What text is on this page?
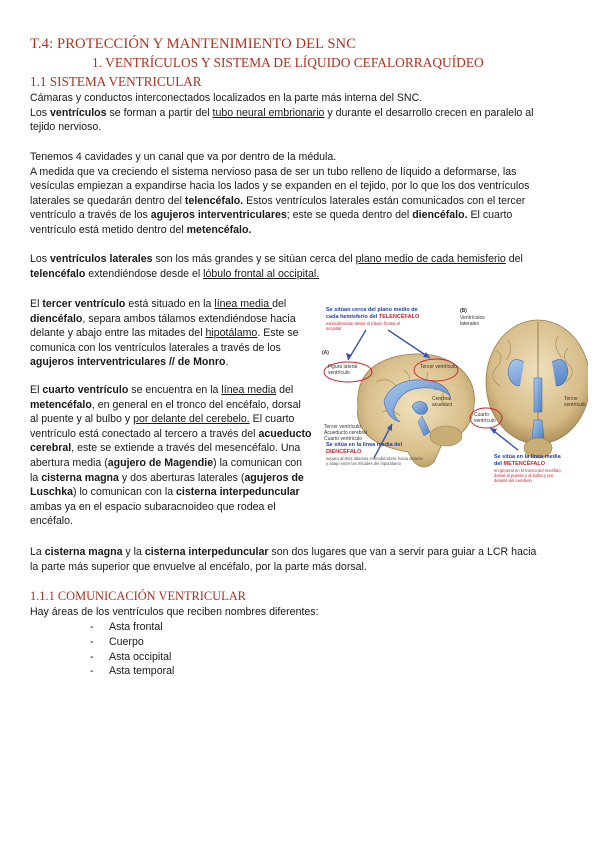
T.4: PROTECCIÓN Y MANTENIMIENTO DEL SNC
1. VENTRÍCULOS Y SISTEMA DE LÍQUIDO CEFALORRAQUÍDEO
1.1 SISTEMA VENTRICULAR
Cámaras y conductos interconectados localizados en la parte más interna del SNC.
Los ventrículos se forman a partir del tubo neural embrionario y durante el desarrollo crecen en paralelo al
tejido nervioso.
Tenemos 4 cavidades y un canal que va por dentro de la médula.
A medida que va creciendo el sistema nervioso pasa de ser un tubo relleno de líquido a deformarse, las
vesículas empiezan a expandirse hacia los lados y se expanden en el tejido, por lo que los dos ventrículos
laterales se quedarán dentro del telencéfalo. Estos ventrículos laterales están comunicados con el tercer
ventrículo a través de los agujeros interventriculares; este se queda dentro del diencéfalo. El cuarto
ventrículo está metido dentro del metencéfalo.
Los ventrículos laterales son los más grandes y se sitúan cerca del plano medio de cada hemisferio del
telencéfalo extendiéndose desde el lóbulo frontal al occipital.
El tercer ventrículo está situado en la línea media del
diencéfalo, separa ambos tálamos extendiéndose hacia
delante y abajo entre las mitades del hipotálamo. Este se
comunica con los ventrículos laterales a través de los
agujeros interventriculares // de Monro.
El cuarto ventrículo se encuentra en la línea media del
metencéfalo, en general en el tronco del encéfalo, dorsal
al puente y al bulbo y por delante del cerebelo. El cuarto
ventrículo está conectado al tercero a través del acueducto
cerebral, este se extiende a través del mesencéfalo. Una
abertura media (agujero de Magendie) la comunican con
la cisterna magna y dos aberturas laterales (agujeros de
Luschka) lo comunican con la cisterna interpeduncular
ambas ya en el espacio subaracnoideo que rodea el
encéfalo.
Se sitúan cerca del plano medio de
cada hemisferio del TELENCÉFALO
extendiéndose desde el lóbulo frontal al
occipital
(A)
(B)
Ventrículos
laterales
Figura lateral
ventrículo
Tercer ventrículo
Tercer ventrículo
Acueducto cerebral
Cuarto ventrículo
Cerebral
acueduct
Cuarto
ventrículo
Tercer
ventrículo
Se sitúa en la línea media del
DIENCÉFALO
separa ambos tálamos extendiéndose hacia delante
y abajo entre las mitades del hipotálamo
Se sitúa en la línea media
del METENCÉFALO
en general en el tronco del encéfalo,
dorsal al puente y al bulbo y por
delante del cerebelo
La cisterna magna y la cisterna interpeduncular son dos lugares que van a servir para guiar a LCR hacia
la parte más superior que envuelve al encéfalo, por la parte más dorsal.
1.1.1 COMUNICACIÓN VENTRICULAR
Hay áreas de los ventrículos que reciben nombres diferentes:
- Asta frontal
- Cuerpo
- Asta occipital
- Asta temporal
